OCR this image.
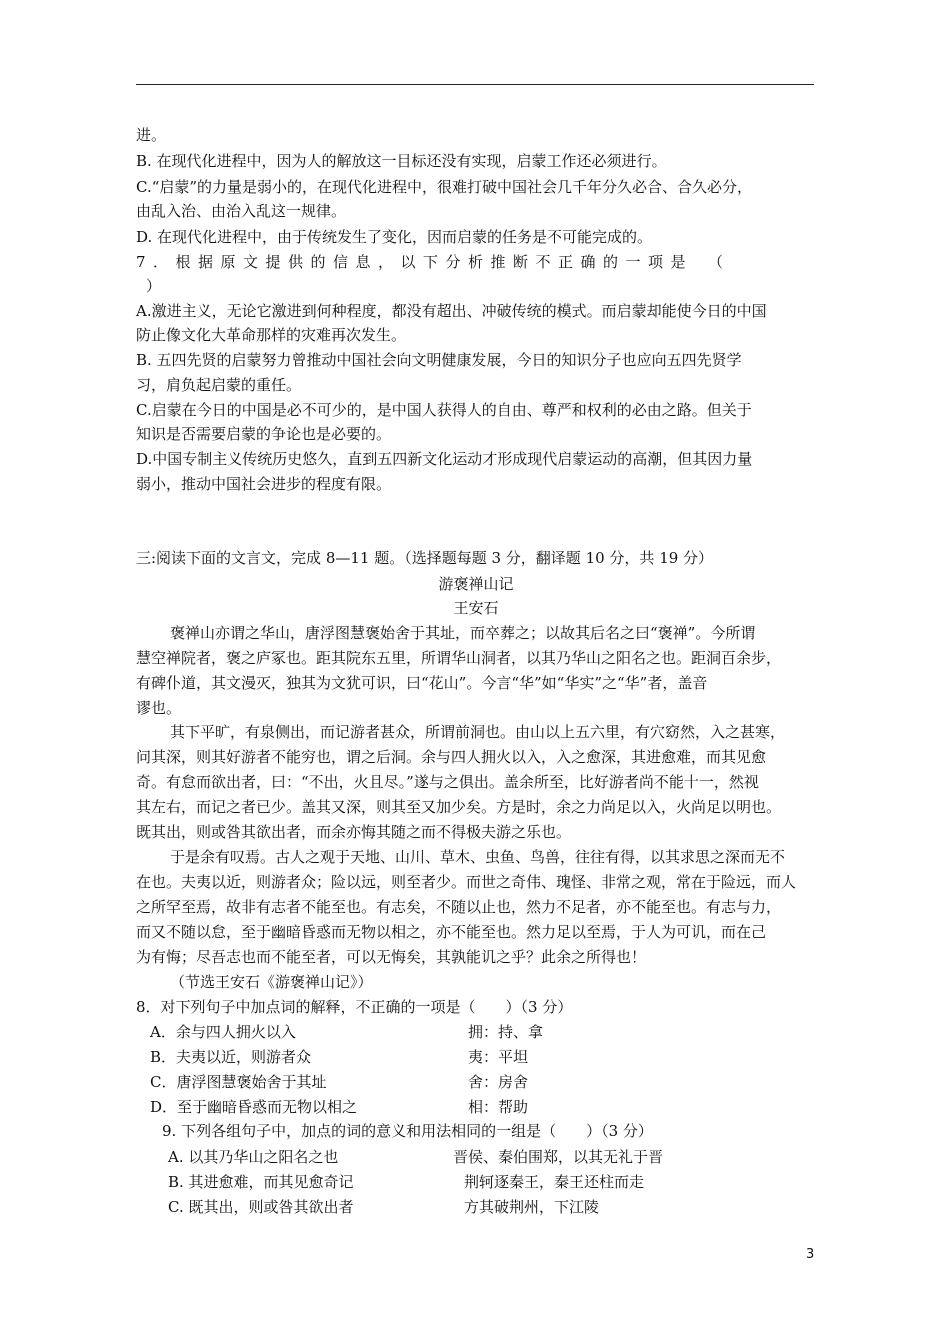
进。
B. 在现代化进程中，因为人的解放这一目标还没有实现，启蒙工作还必须进行。
C.“启蒙”的力量是弱小的，在现代化进程中，很难打破中国社会几千年分久必合、合久必分，
由乱入治、由治入乱这一规律。
D. 在现代化进程中，由于传统发生了变化，因而启蒙的任务是不可能完成的。
7．根据原文提供的信息，以下分析推断不正确的一项是　（
）
A.激进主义，无论它激进到何种程度，都没有超出、冲破传统的模式。而启蒙却能使今日的中国
防止像文化大革命那样的灾难再次发生。
B. 五四先贤的启蒙努力曾推动中国社会向文明健康发展，今日的知识分子也应向五四先贤学
习，肩负起启蒙的重任。
C.启蒙在今日的中国是必不可少的，是中国人获得人的自由、尊严和权利的必由之路。但关于
知识是否需要启蒙的争论也是必要的。
D.中国专制主义传统历史悠久，直到五四新文化运动才形成现代启蒙运动的高潮，但其因力量
弱小，推动中国社会进步的程度有限。
三:阅读下面的文言文，完成 8—11 题。（选择题每题 3 分，翻译题 10 分，共 19 分）
游褒禅山记
王安石
褒禅山亦谓之华山，唐浮图慧褒始舍于其址，而卒葬之；以故其后名之曰“褒禅”。今所谓
慧空禅院者，褒之庐冢也。距其院东五里，所谓华山洞者，以其乃华山之阳名之也。距洞百余步，
有碑仆道，其文漫灭，独其为文犹可识，曰“花山”。今言“华”如“华实”之“华”者，盖音
谬也。
其下平旷，有泉侧出，而记游者甚众，所谓前洞也。由山以上五六里，有穴窈然，入之甚寒，
问其深，则其好游者不能穷也，谓之后洞。余与四人拥火以入，入之愈深，其进愈难，而其见愈
奇。有怠而欲出者，曰：“不出，火且尽。”遂与之俱出。盖余所至，比好游者尚不能十一，然视
其左右，而记之者已少。盖其又深，则其至又加少矣。方是时，余之力尚足以入，火尚足以明也。
既其出，则或咎其欲出者，而余亦悔其随之而不得极夫游之乐也。
于是余有叹焉。古人之观于天地、山川、草木、虫鱼、鸟兽，往往有得，以其求思之深而无不
在也。夫夷以近，则游者众；险以远，则至者少。而世之奇伟、瑰怪、非常之观，常在于险远，而人
之所罕至焉，故非有志者不能至也。有志矣，不随以止也，然力不足者，亦不能至也。有志与力，
而又不随以怠，至于幽暗昏惑而无物以相之，亦不能至也。然力足以至焉，于人为可讥，而在己
为有悔；尽吾志也而不能至者，可以无悔矣，其孰能讥之乎？此余之所得也！
（节选王安石《游褒禅山记》）
8．对下列句子中加点词的解释，不正确的一项是（　　）（3 分）
A．余与四人拥火以入	拥：持、拿
B．夫夷以近，则游者众	夷：平坦
C．唐浮图慧褒始舍于其址	舍：房舍
D．至于幽暗昏惑而无物以相之	相：帮助
9. 下列各组句子中，加点的词的意义和用法相同的一组是（　　）（3 分）
A. 以其乃华山之阳名之也	晋侯、秦伯围郑，以其无礼于晋
B. 其进愈难，而其见愈奇记	荆轲逐秦王，秦王还柱而走
C. 既其出，则或咎其欲出者	方其破荆州，下江陵
3
